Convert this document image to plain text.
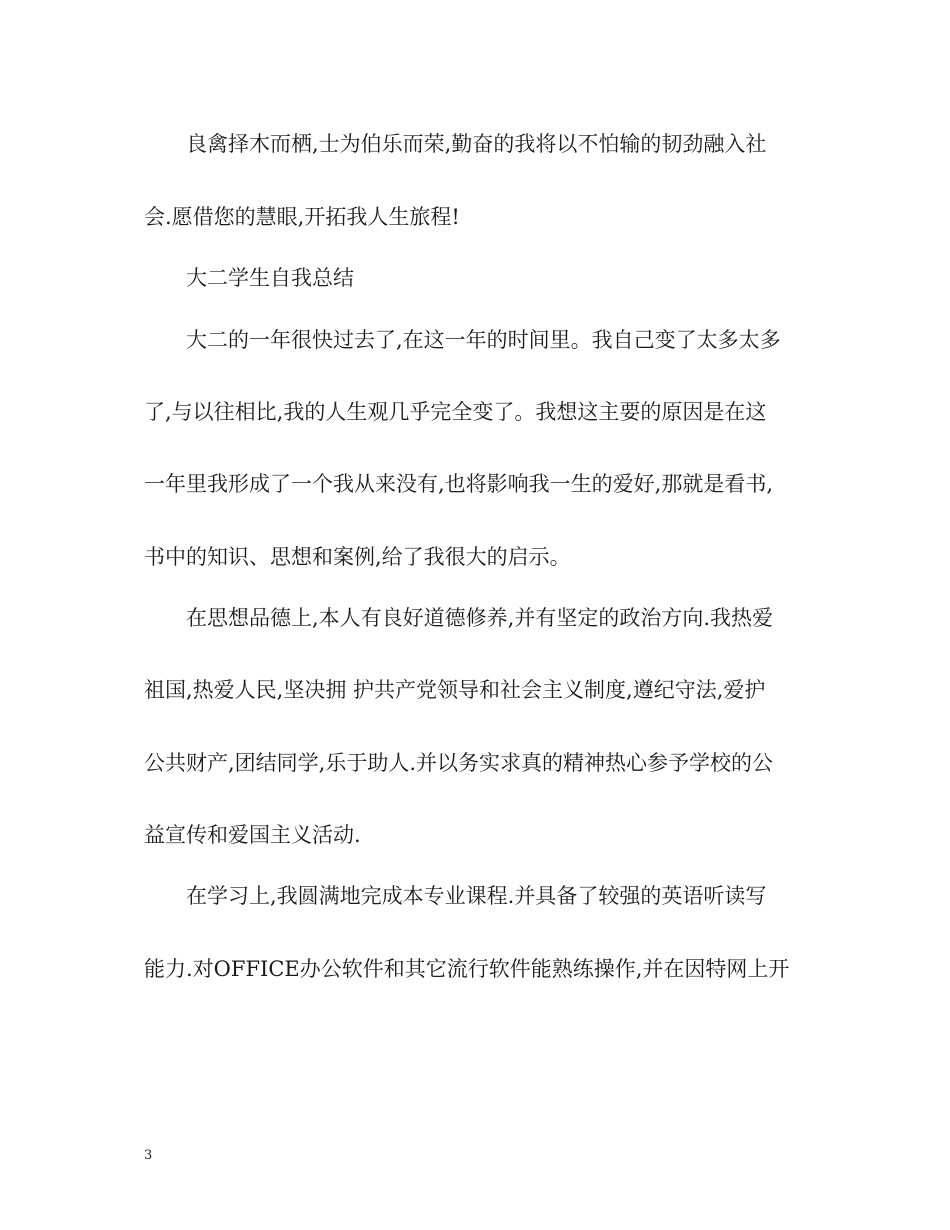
良禽择木而栖,士为伯乐而荣,勤奋的我将以不怕输的韧劲融入社
会.愿借您的慧眼,开拓我人生旅程!
大二学生自我总结
大二的一年很快过去了,在这一年的时间里。我自己变了太多太多
了,与以往相比,我的人生观几乎完全变了。我想这主要的原因是在这
一年里我形成了一个我从来没有,也将影响我一生的爱好,那就是看书,
书中的知识、思想和案例,给了我很大的启示。
在思想品德上,本人有良好道德修养,并有坚定的政治方向.我热爱
祖国,热爱人民,坚决拥 护共产党领导和社会主义制度,遵纪守法,爱护
公共财产,团结同学,乐于助人.并以务实求真的精神热心参予学校的公
益宣传和爱国主义活动.
在学习上,我圆满地完成本专业课程.并具备了较强的英语听读写
能力.对OFFICE办公软件和其它流行软件能熟练操作,并在因特网上开
3
